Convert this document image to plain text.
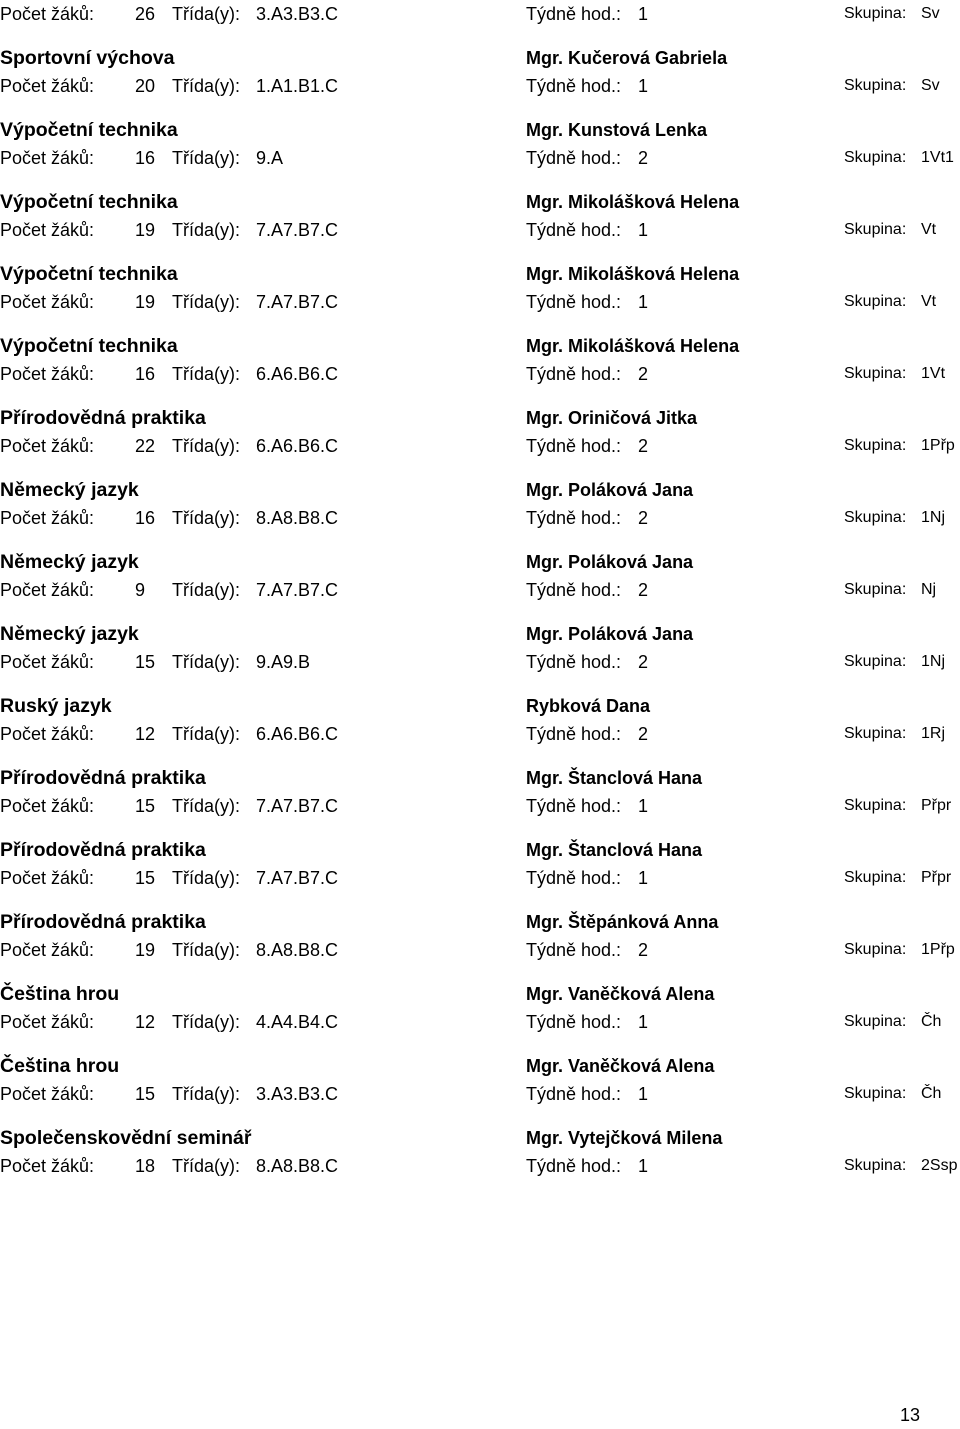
Počet žáků: 26 Třída(y): 3.A3.B3.C	Týdně hod.: 1	Skupina: Sv
Sportovní výchova	Mgr. Kučerová Gabriela
Počet žáků: 20 Třída(y): 1.A1.B1.C	Týdně hod.: 1	Skupina: Sv
Výpočetní technika	Mgr. Kunstová Lenka
Počet žáků: 16 Třída(y): 9.A	Týdně hod.: 2	Skupina: 1Vt1
Výpočetní technika	Mgr. Mikolášková Helena
Počet žáků: 19 Třída(y): 7.A7.B7.C	Týdně hod.: 1	Skupina: Vt
Výpočetní technika	Mgr. Mikolášková Helena
Počet žáků: 19 Třída(y): 7.A7.B7.C	Týdně hod.: 1	Skupina: Vt
Výpočetní technika	Mgr. Mikolášková Helena
Počet žáků: 16 Třída(y): 6.A6.B6.C	Týdně hod.: 2	Skupina: 1Vt
Přírodovědná praktika	Mgr. Oriničová Jitka
Počet žáků: 22 Třída(y): 6.A6.B6.C	Týdně hod.: 2	Skupina: 1Přp
Německý jazyk	Mgr. Poláková Jana
Počet žáků: 16 Třída(y): 8.A8.B8.C	Týdně hod.: 2	Skupina: 1Nj
Německý jazyk	Mgr. Poláková Jana
Počet žáků: 9 Třída(y): 7.A7.B7.C	Týdně hod.: 2	Skupina: Nj
Německý jazyk	Mgr. Poláková Jana
Počet žáků: 15 Třída(y): 9.A9.B	Týdně hod.: 2	Skupina: 1Nj
Ruský jazyk	Rybková Dana
Počet žáků: 12 Třída(y): 6.A6.B6.C	Týdně hod.: 2	Skupina: 1Rj
Přírodovědná praktika	Mgr. Štanclová Hana
Počet žáků: 15 Třída(y): 7.A7.B7.C	Týdně hod.: 1	Skupina: Přpr
Přírodovědná praktika	Mgr. Štanclová Hana
Počet žáků: 15 Třída(y): 7.A7.B7.C	Týdně hod.: 1	Skupina: Přpr
Přírodovědná praktika	Mgr. Štěpánková Anna
Počet žáků: 19 Třída(y): 8.A8.B8.C	Týdně hod.: 2	Skupina: 1Přp
Čeština hrou	Mgr. Vaněčková Alena
Počet žáků: 12 Třída(y): 4.A4.B4.C	Týdně hod.: 1	Skupina: Čh
Čeština hrou	Mgr. Vaněčková Alena
Počet žáků: 15 Třída(y): 3.A3.B3.C	Týdně hod.: 1	Skupina: Čh
Společenskovědní seminář	Mgr. Vytejčková Milena
Počet žáků: 18 Třída(y): 8.A8.B8.C	Týdně hod.: 1	Skupina: 2Ssp
13
